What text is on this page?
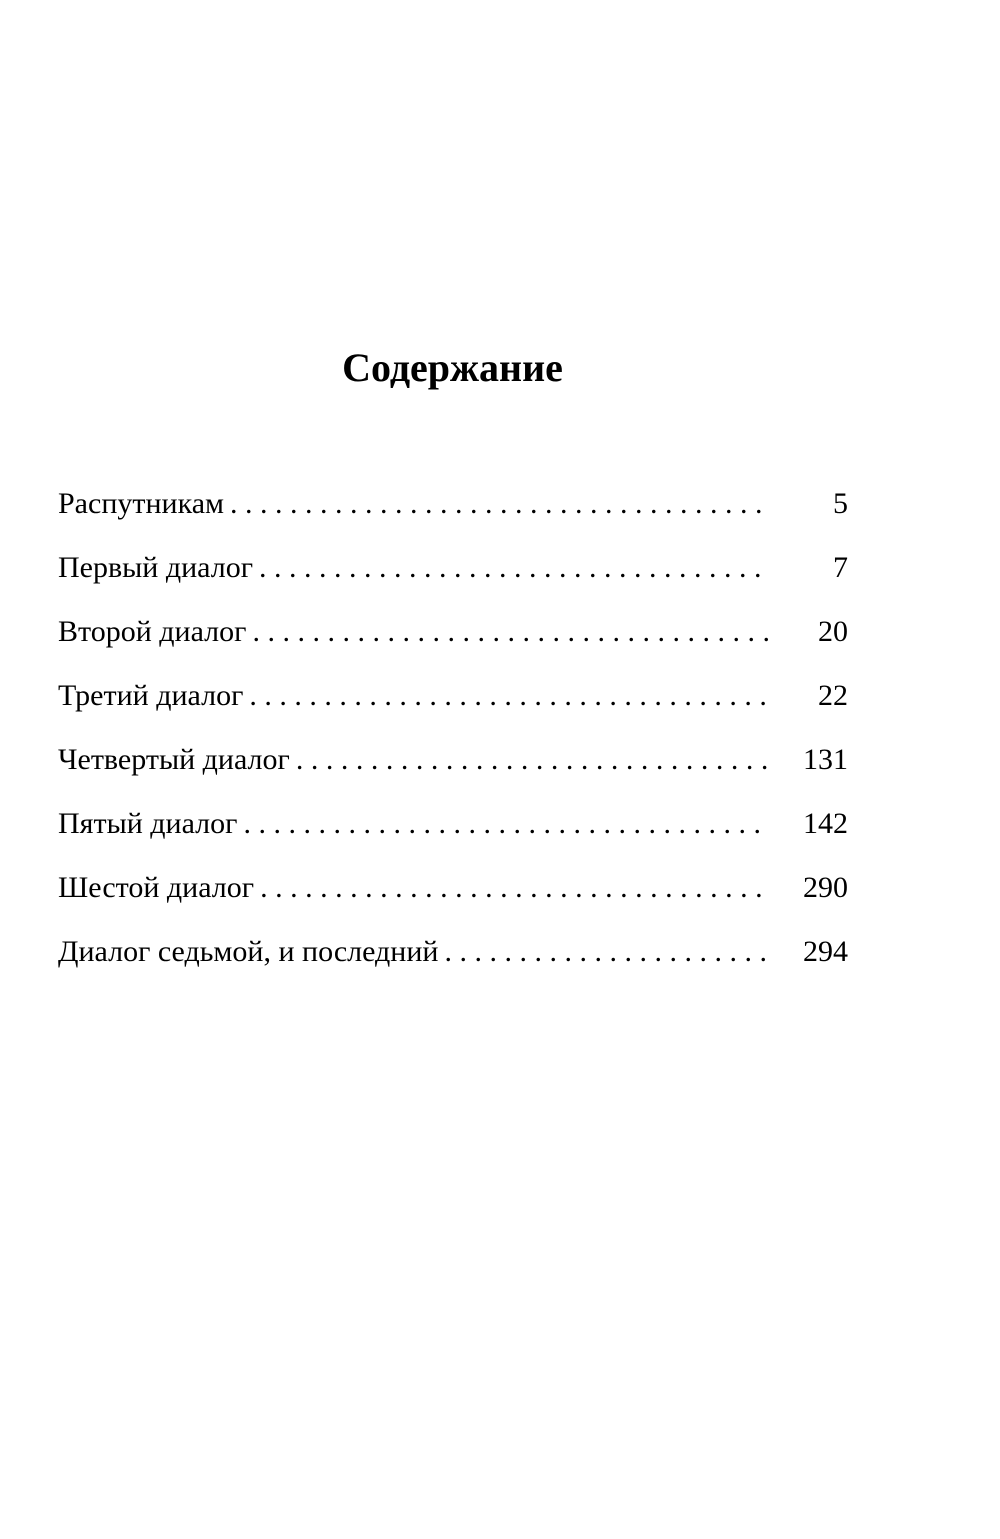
Содержание
Распутникам . . .	5
Первый диалог . . .	7
Второй диалог . . .	20
Третий диалог . . .	22
Четвертый диалог . . .	131
Пятый диалог . . .	142
Шестой диалог . . .	290
Диалог седьмой, и последний . . .	294
